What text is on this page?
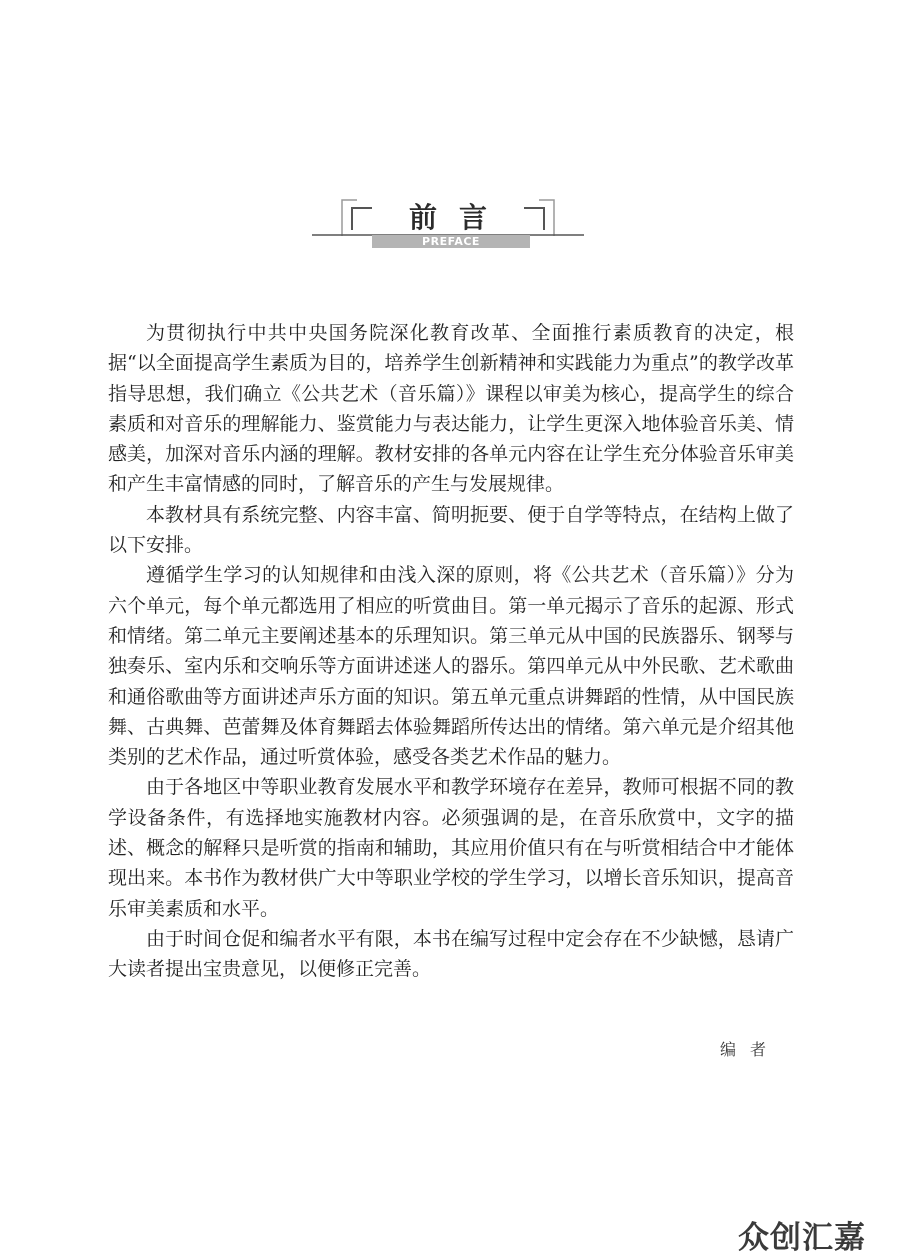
前言
PREFACE

为贯彻执行中共中央国务院深化教育改革、全面推行素质教育的决定，根据“以全面提高学生素质为目的，培养学生创新精神和实践能力为重点”的教学改革指导思想，我们确立《公共艺术（音乐篇）》课程以审美为核心，提高学生的综合素质和对音乐的理解能力、鉴赏能力与表达能力，让学生更深入地体验音乐美、情感美，加深对音乐内涵的理解。教材安排的各单元内容在让学生充分体验音乐审美和产生丰富情感的同时，了解音乐的产生与发展规律。

本教材具有系统完整、内容丰富、简明扼要、便于自学等特点，在结构上做了以下安排。

遵循学生学习的认知规律和由浅入深的原则，将《公共艺术（音乐篇）》分为六个单元，每个单元都选用了相应的听赏曲目。第一单元揭示了音乐的起源、形式和情绪。第二单元主要阐述基本的乐理知识。第三单元从中国的民族器乐、钢琴与独奏乐、室内乐和交响乐等方面讲述迷人的器乐。第四单元从中外民歌、艺术歌曲和通俗歌曲等方面讲述声乐方面的知识。第五单元重点讲舞蹈的性情，从中国民族舞、古典舞、芭蕾舞及体育舞蹈去体验舞蹈所传达出的情绪。第六单元是介绍其他类别的艺术作品，通过听赏体验，感受各类艺术作品的魅力。

由于各地区中等职业教育发展水平和教学环境存在差异，教师可根据不同的教学设备条件，有选择地实施教材内容。必须强调的是，在音乐欣赏中，文字的描述、概念的解释只是听赏的指南和辅助，其应用价值只有在与听赏相结合中才能体现出来。本书作为教材供广大中等职业学校的学生学习，以增长音乐知识，提高音乐审美素质和水平。

由于时间仓促和编者水平有限，本书在编写过程中定会存在不少缺憾，恳请广大读者提出宝贵意见，以便修正完善。

编者
众创汇嘉
